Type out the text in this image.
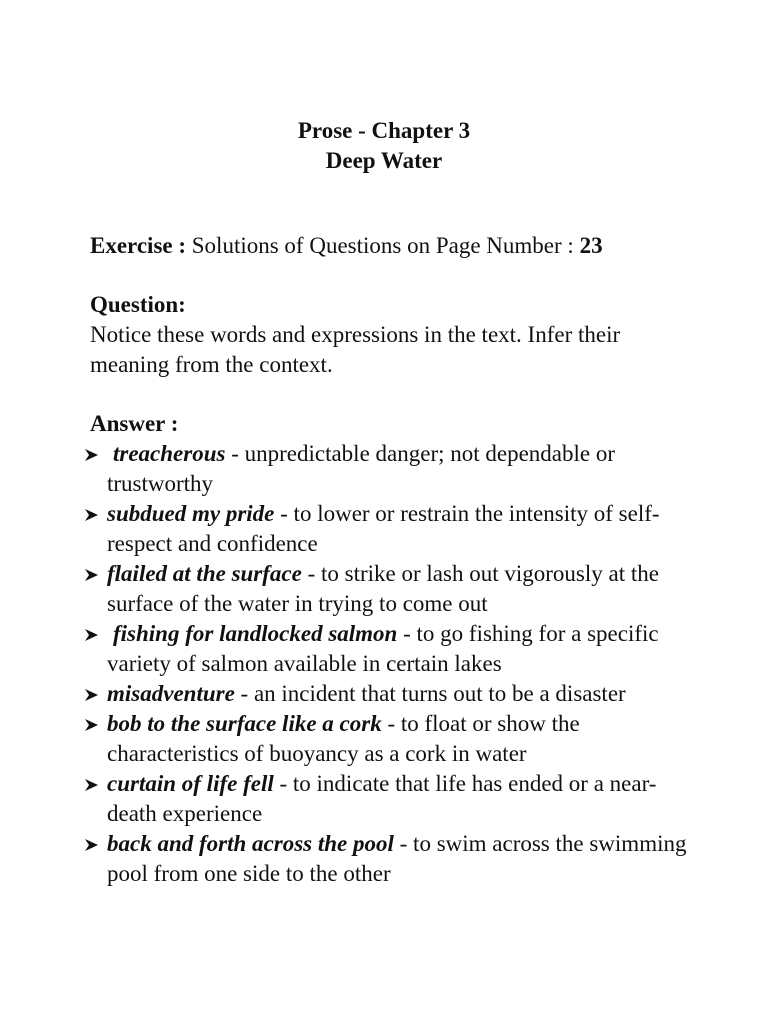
Prose - Chapter 3
Deep Water

Exercise : Solutions of Questions on Page Number : 23

Question:

Notice these words and expressions in the text. Infer their meaning from the context.

Answer :

treacherous - unpredictable danger; not dependable or trustworthy
subdued my pride - to lower or restrain the intensity of self-respect and confidence
flailed at the surface - to strike or lash out vigorously at the surface of the water in trying to come out
fishing for landlocked salmon - to go fishing for a specific variety of salmon available in certain lakes
misadventure - an incident that turns out to be a disaster
bob to the surface like a cork - to float or show the characteristics of buoyancy as a cork in water
curtain of life fell - to indicate that life has ended or a near-death experience
back and forth across the pool - to swim across the swimming pool from one side to the other
